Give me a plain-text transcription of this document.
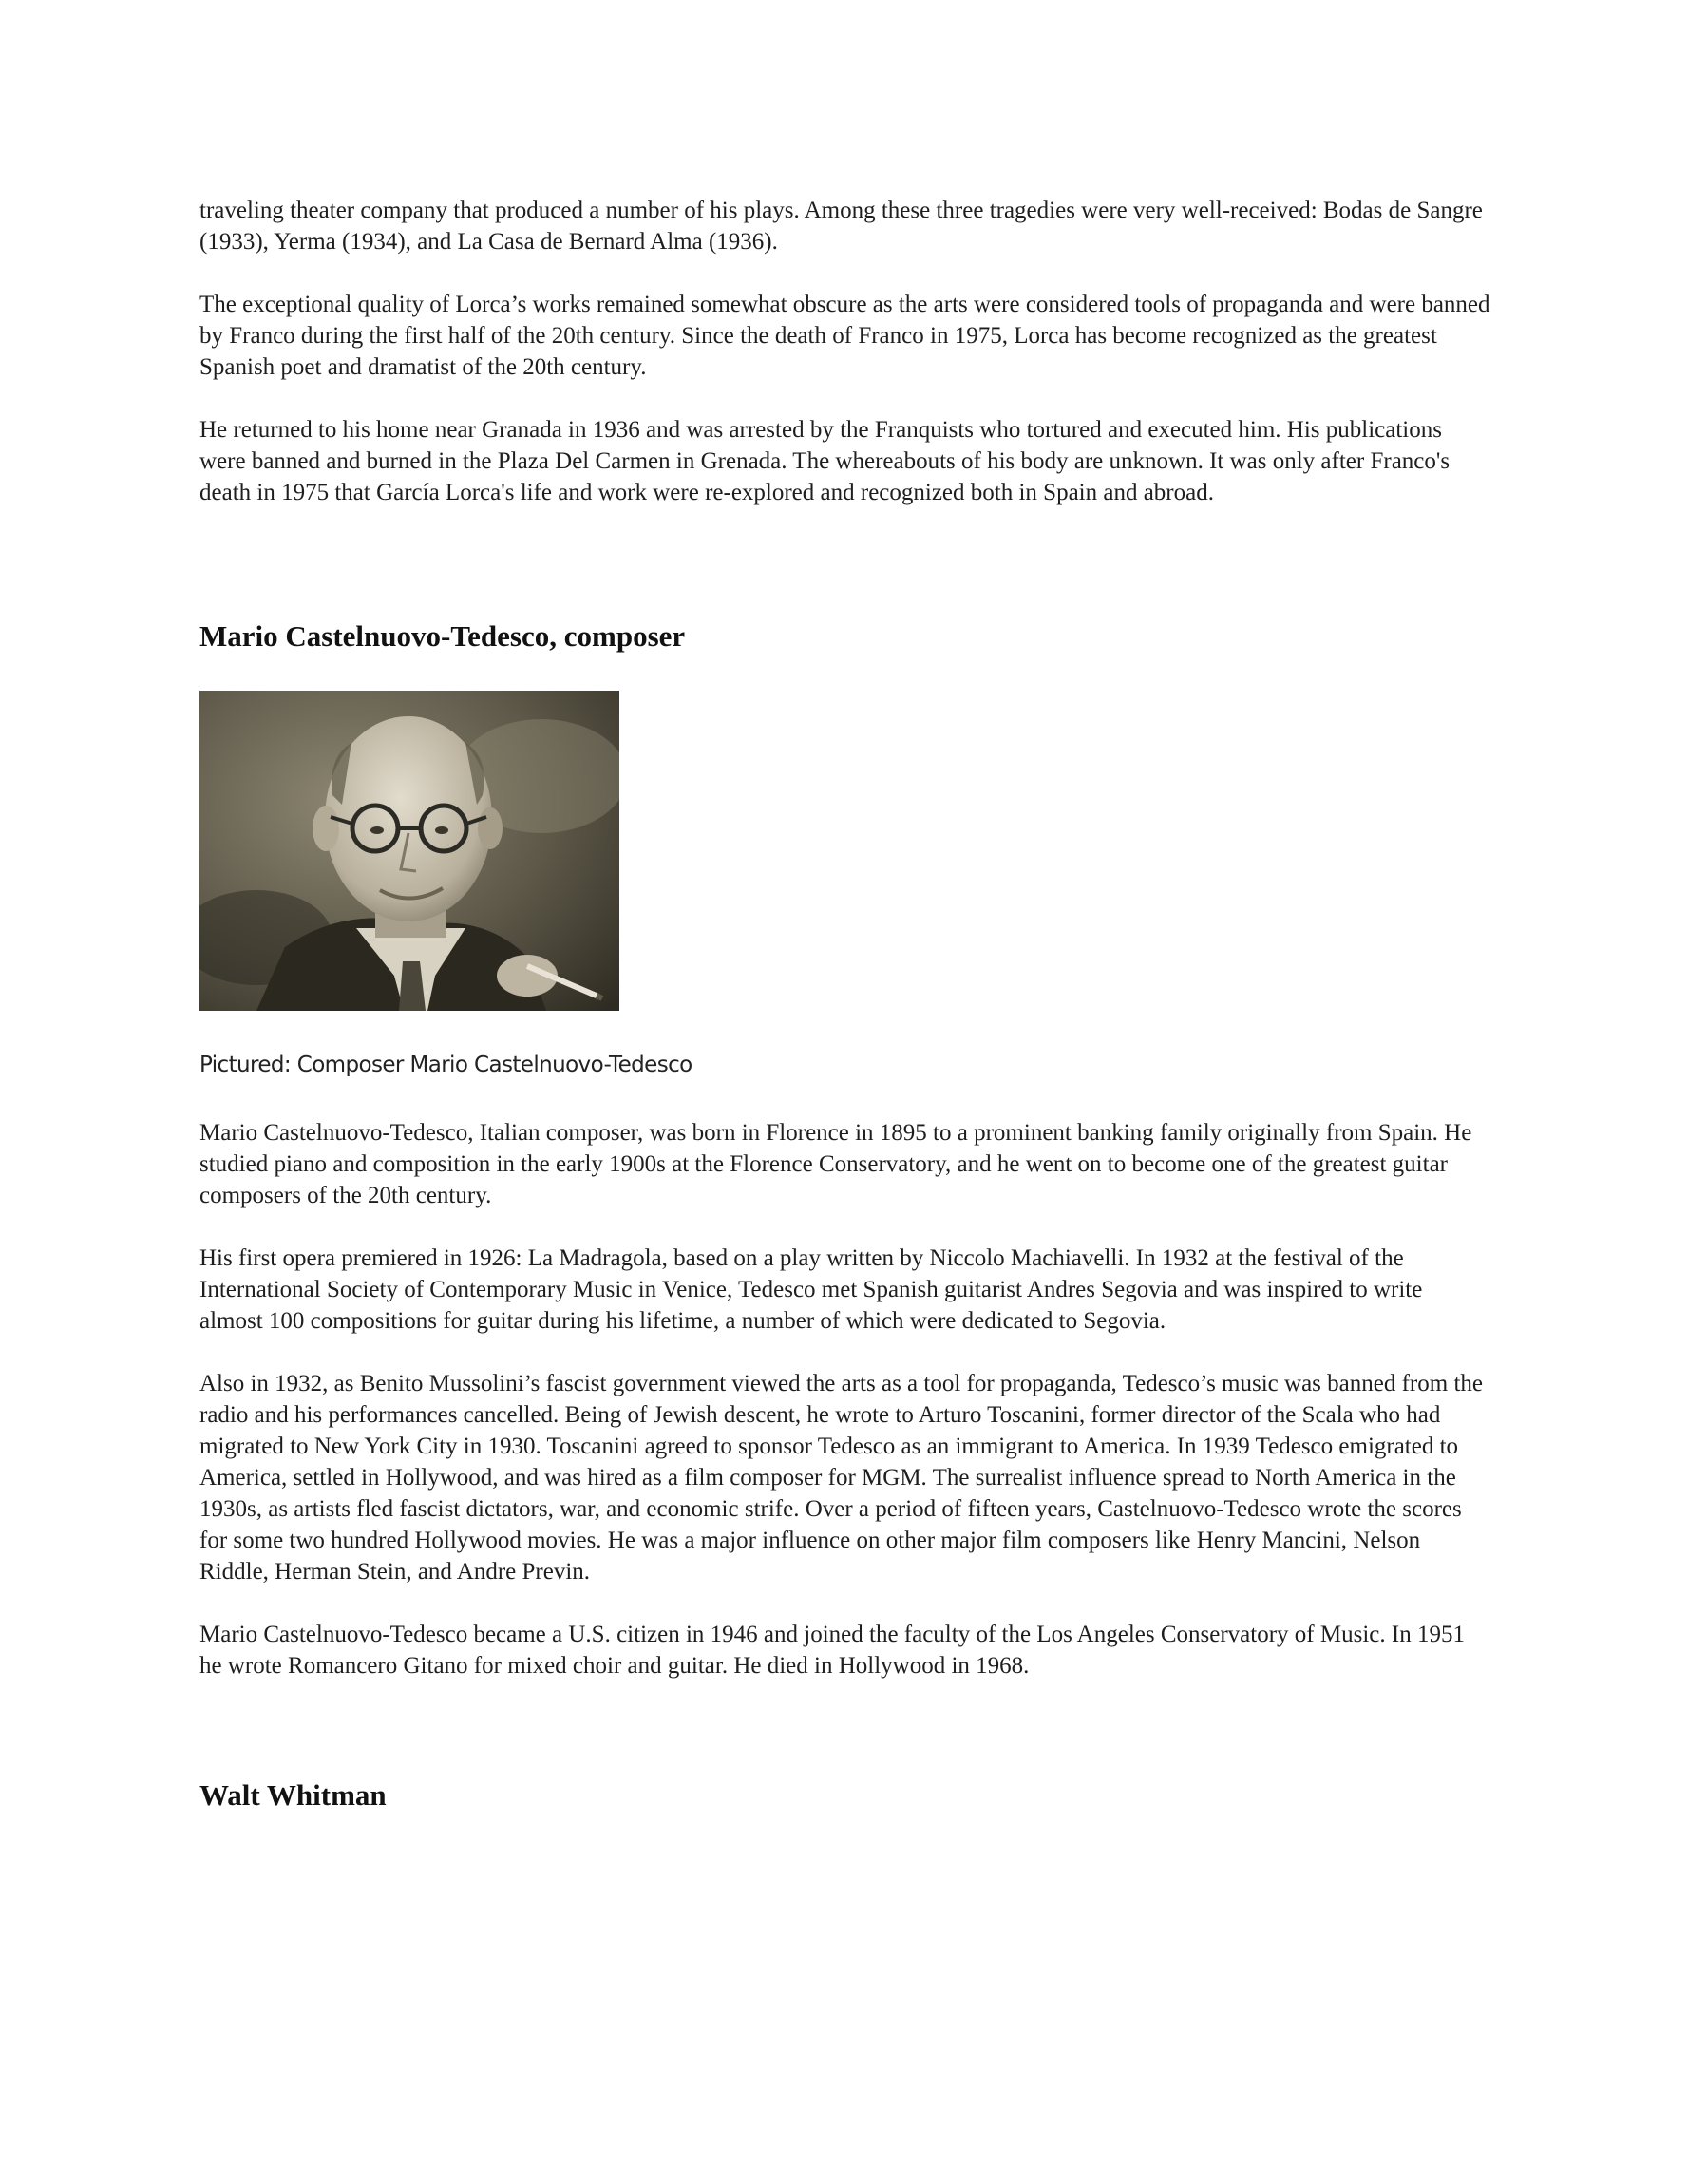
traveling theater company that produced a number of his plays. Among these three tragedies were very well-received: Bodas de Sangre (1933), Yerma (1934), and La Casa de Bernard Alma (1936).

The exceptional quality of Lorca’s works remained somewhat obscure as the arts were considered tools of propaganda and were banned by Franco during the first half of the 20th century. Since the death of Franco in 1975, Lorca has become recognized as the greatest Spanish poet and dramatist of the 20th century.

He returned to his home near Granada in 1936 and was arrested by the Franquists who tortured and executed him. His publications were banned and burned in the Plaza Del Carmen in Grenada. The whereabouts of his body are unknown. It was only after Franco's death in 1975 that García Lorca's life and work were re-explored and recognized both in Spain and abroad.

Mario Castelnuovo-Tedesco, composer

Pictured: Composer Mario Castelnuovo-Tedesco

Mario Castelnuovo-Tedesco, Italian composer, was born in Florence in 1895 to a prominent banking family originally from Spain. He studied piano and composition in the early 1900s at the Florence Conservatory, and he went on to become one of the greatest guitar composers of the 20th century.

His first opera premiered in 1926: La Madragola, based on a play written by Niccolo Machiavelli. In 1932 at the festival of the International Society of Contemporary Music in Venice, Tedesco met Spanish guitarist Andres Segovia and was inspired to write almost 100 compositions for guitar during his lifetime, a number of which were dedicated to Segovia.

Also in 1932, as Benito Mussolini’s fascist government viewed the arts as a tool for propaganda, Tedesco’s music was banned from the radio and his performances cancelled. Being of Jewish descent, he wrote to Arturo Toscanini, former director of the Scala who had migrated to New York City in 1930. Toscanini agreed to sponsor Tedesco as an immigrant to America. In 1939 Tedesco emigrated to America, settled in Hollywood, and was hired as a film composer for MGM. The surrealist influence spread to North America in the 1930s, as artists fled fascist dictators, war, and economic strife. Over a period of fifteen years, Castelnuovo-Tedesco wrote the scores for some two hundred Hollywood movies. He was a major influence on other major film composers like Henry Mancini, Nelson Riddle, Herman Stein, and Andre Previn.

Mario Castelnuovo-Tedesco became a U.S. citizen in 1946 and joined the faculty of the Los Angeles Conservatory of Music. In 1951 he wrote Romancero Gitano for mixed choir and guitar. He died in Hollywood in 1968.

Walt Whitman
